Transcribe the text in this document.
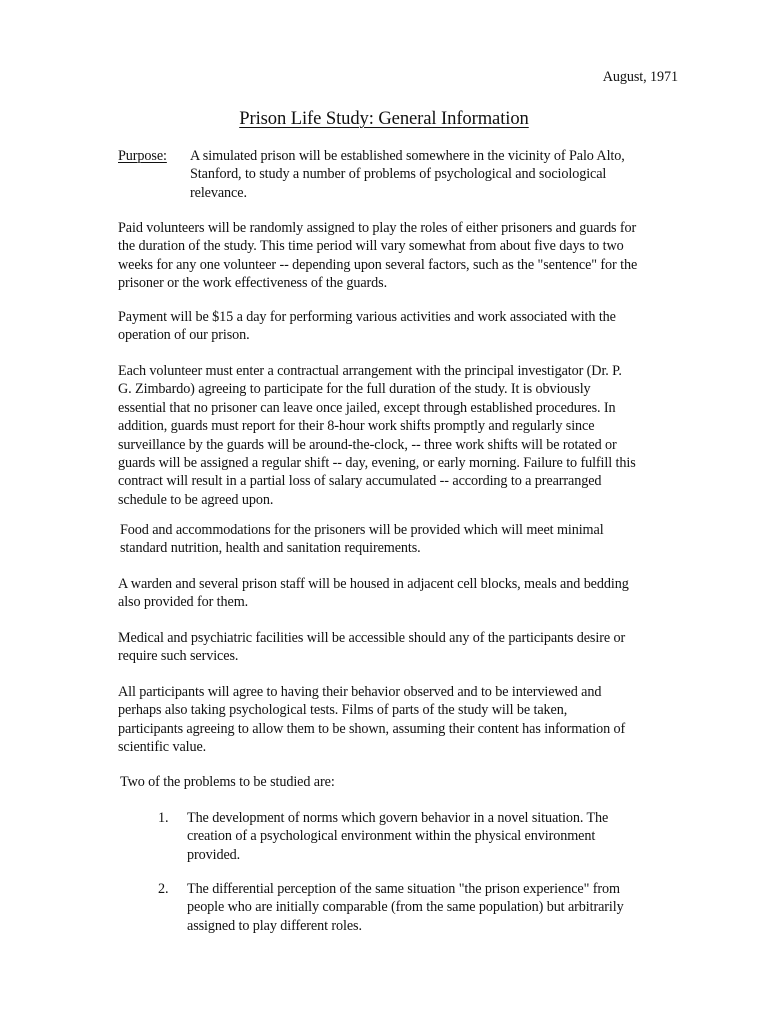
August, 1971
Prison Life Study: General Information
Purpose: A simulated prison will be established somewhere in the vicinity of Palo Alto, Stanford, to study a number of problems of psychological and sociological relevance.
Paid volunteers will be randomly assigned to play the roles of either prisoners and guards for the duration of the study. This time period will vary somewhat from about five days to two weeks for any one volunteer -- depending upon several factors, such as the "sentence" for the prisoner or the work effectiveness of the guards.
Payment will be $15 a day for performing various activities and work associated with the operation of our prison.
Each volunteer must enter a contractual arrangement with the principal investigator (Dr. P. G. Zimbardo) agreeing to participate for the full duration of the study. It is obviously essential that no prisoner can leave once jailed, except through established procedures. In addition, guards must report for their 8-hour work shifts promptly and regularly since surveillance by the guards will be around-the-clock, -- three work shifts will be rotated or guards will be assigned a regular shift -- day, evening, or early morning. Failure to fulfill this contract will result in a partial loss of salary accumulated -- according to a prearranged schedule to be agreed upon.
Food and accommodations for the prisoners will be provided which will meet minimal standard nutrition, health and sanitation requirements.
A warden and several prison staff will be housed in adjacent cell blocks, meals and bedding also provided for them.
Medical and psychiatric facilities will be accessible should any of the participants desire or require such services.
All participants will agree to having their behavior observed and to be interviewed and perhaps also taking psychological tests. Films of parts of the study will be taken, participants agreeing to allow them to be shown, assuming their content has information of scientific value.
Two of the problems to be studied are:
1. The development of norms which govern behavior in a novel situation. The creation of a psychological environment within the physical environment provided.
2. The differential perception of the same situation "the prison experience" from people who are initially comparable (from the same population) but arbitrarily assigned to play different roles.
